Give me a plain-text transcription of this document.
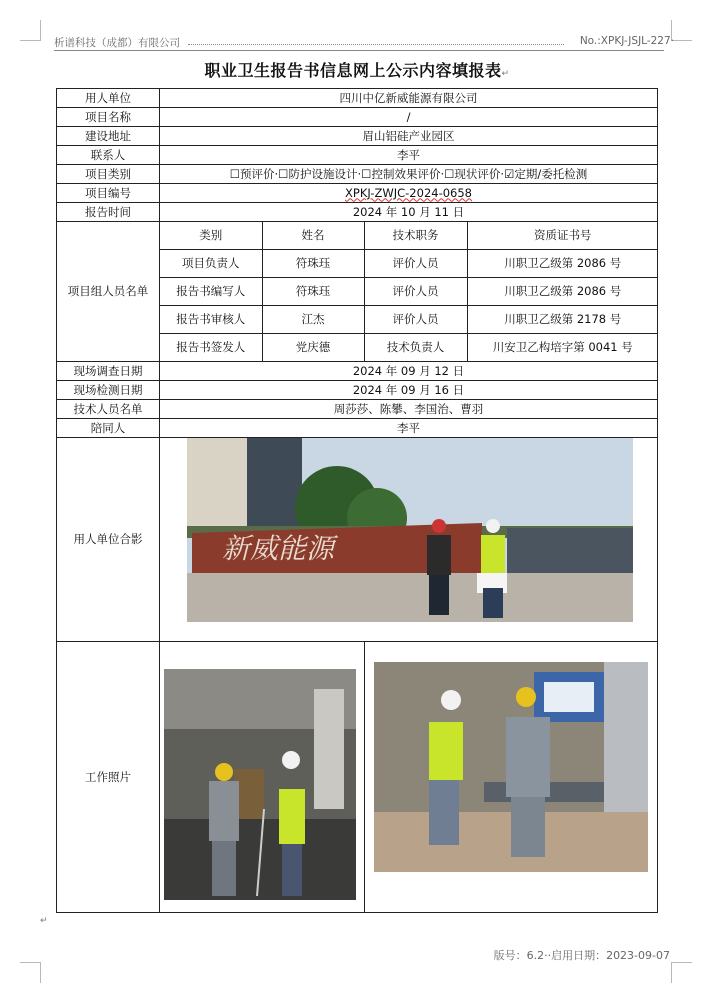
析谱科技（成都）有限公司	No.:XPKJ-JSJL-227·
职业卫生报告书信息网上公示内容填报表↵
用人单位	四川中亿新威能源有限公司
项目名称	/
建设地址	眉山铝硅产业园区
联系人	李平
项目类别	☐预评价·☐防护设施设计·☐控制效果评价·☐现状评价·☑定期/委托检测
项目编号	XPKJ-ZWJC-2024-0658
报告时间	2024 年 10 月 11 日
项目组人员名单	
类别	姓名	技术职务	资质证书号
项目负责人	符珠珏	评价人员	川职卫乙级第 2086 号
报告书编写人	符珠珏	评价人员	川职卫乙级第 2086 号
报告书审核人	江杰	评价人员	川职卫乙级第 2178 号
报告书签发人	党庆德	技术负责人	川安卫乙构培字第 0041 号

现场调查日期	2024 年 09 月 12 日
现场检测日期	2024 年 09 月 16 日
技术人员名单	周莎莎、陈攀、李国治、曹羽
陪同人	李平
用人单位合影	新威能源

工作照片	
↵
版号：6.2··启用日期：2023-09-07
